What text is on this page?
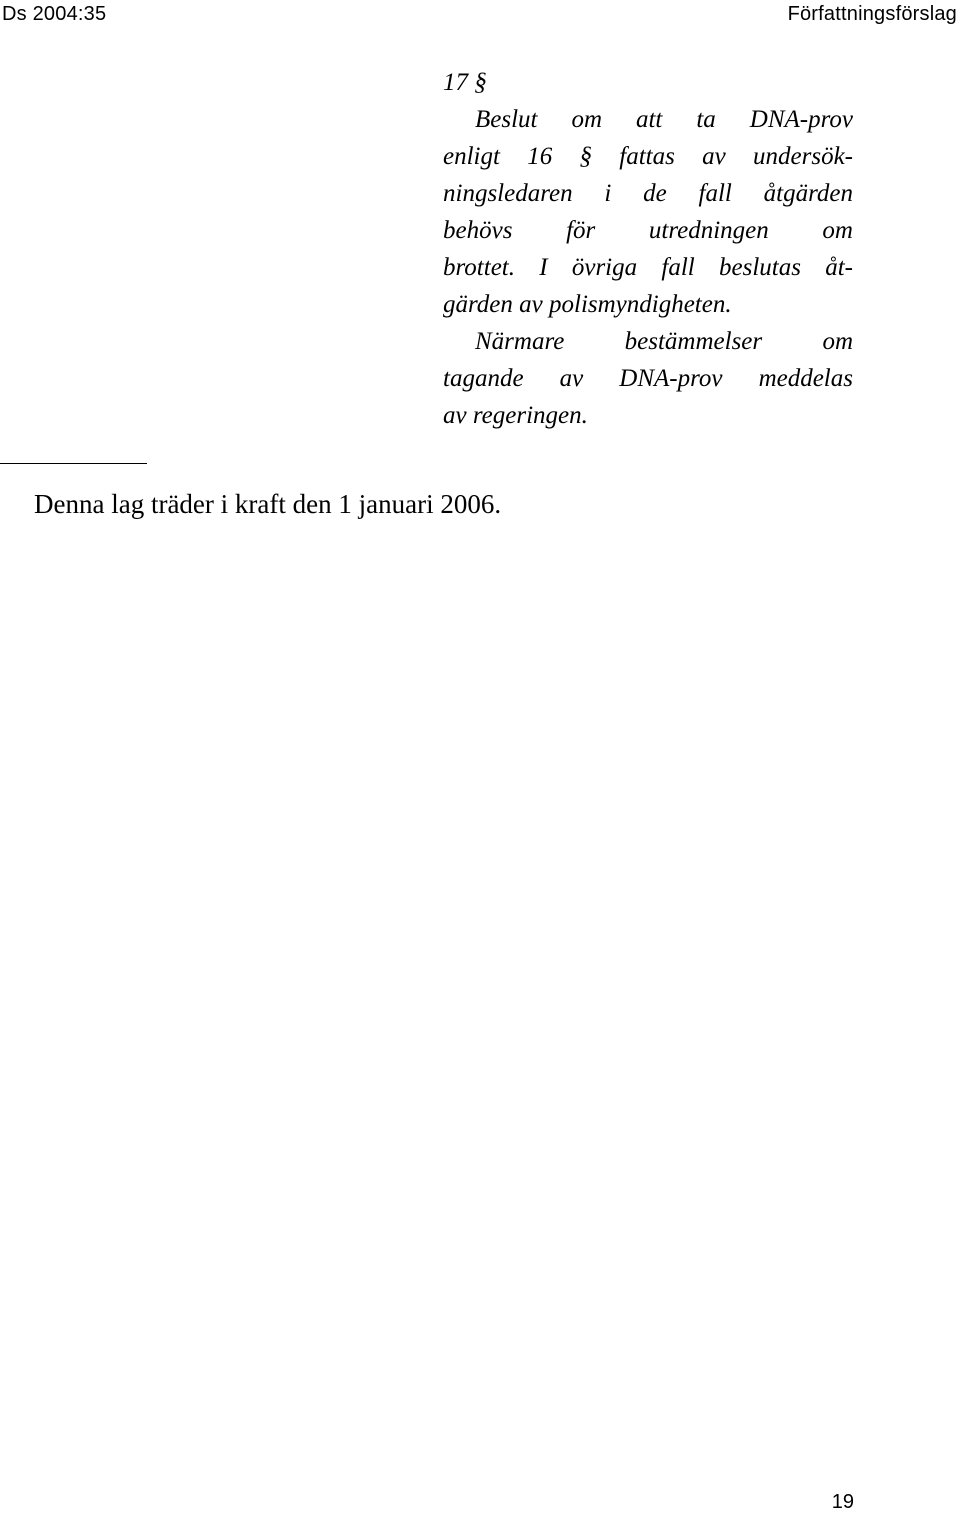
Ds 2004:35	Författningsförslag
17 §
Beslut om att ta DNA-prov
enligt 16 § fattas av undersök-
ningsledaren i de fall åtgärden
behövs för utredningen om
brottet. I övriga fall beslutas åt-
gärden av polismyndigheten.
Närmare bestämmelser om
tagande av DNA-prov meddelas
av regeringen.
Denna lag träder i kraft den 1 januari 2006.
19
